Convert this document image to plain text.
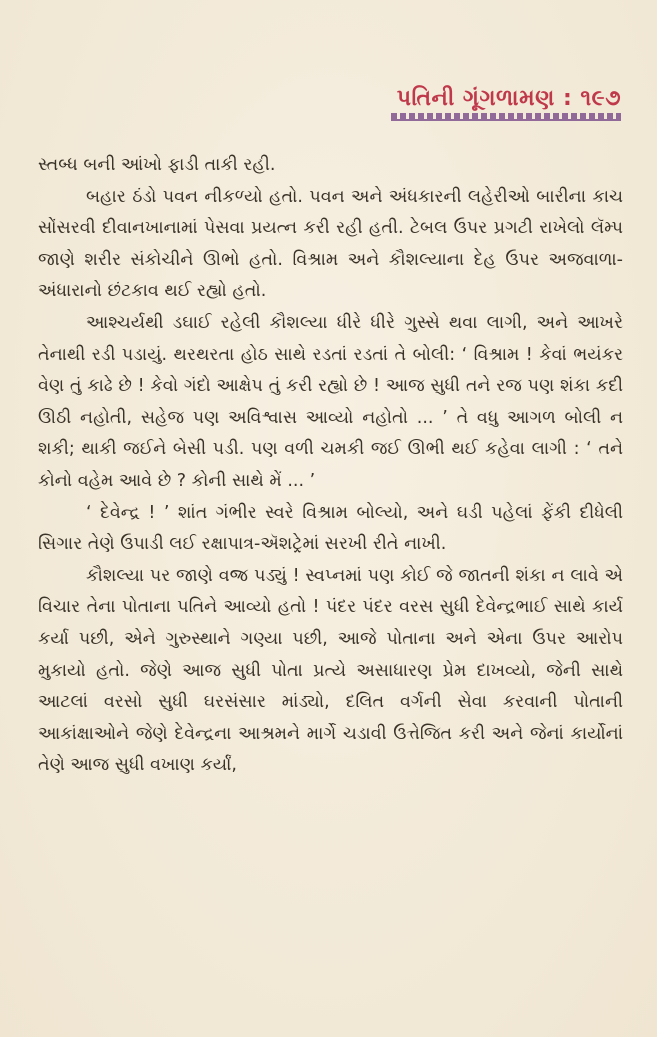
પતિની ગૂંગળામણ : ૧૯૭

સ્તબ્ધ બની આંખો ફાડી તાકી રહી.

બહાર ઠંડો પવન નીકળ્યો હતો. પવન અને અંધકારની લહેરીઓ બારીના કાચ સોંસરવી દીવાનખાનામાં પેસવા પ્રયત્ન કરી રહી હતી. ટેબલ ઉપર પ્રગટી રાખેલો લૅમ્પ જાણે શરીર સંકોચીને ઊભો હતો. વિશ્રામ અને કૌશલ્યાના દેહ ઉપર અજવાળા-અંધારાનો છંટકાવ થઈ રહ્યો હતો.

આશ્ચર્યથી ડઘાઈ રહેલી કૌશલ્યા ધીરે ધીરે ગુસ્સે થવા લાગી, અને આખરે તેનાથી રડી પડાયું. થરથરતા હોઠ સાથે રડતાં રડતાં તે બોલી: ‘ વિશ્રામ ! કેવાં ભયંકર વેણ તું કાઢે છે ! કેવો ગંદો આક્ષેપ તું કરી રહ્યો છે ! આજ સુધી તને રજ પણ શંકા કદી ઊઠી નહોતી, સહેજ પણ અવિશ્વાસ આવ્યો નહોતો ... ’ તે વધુ આગળ બોલી ન શકી; થાકી જઈને બેસી પડી. પણ વળી ચમકી જઈ ઊભી થઈ કહેવા લાગી : ‘ તને કોનો વહેમ આવે છે ? કોની સાથે મેં ... ’

‘ દેવેન્દ્ર ! ’ શાંત ગંભીર સ્વરે વિશ્રામ બોલ્યો, અને ઘડી પહેલાં ફેંકી દીધેલી સિગાર તેણે ઉપાડી લઈ રક્ષાપાત્ર-ઍશટ્રેમાં સરખી રીતે નાખી.

કૌશલ્યા પર જાણે વજ્ર પડ્યું ! સ્વપ્નમાં પણ કોઈ જે જાતની શંકા ન લાવે એ વિચાર તેના પોતાના પતિને આવ્યો હતો ! પંદર પંદર વરસ સુધી દેવેન્દ્રભાઈ સાથે કાર્ય કર્યા પછી, એને ગુરુસ્થાને ગણ્યા પછી, આજે પોતાના અને એના ઉપર આરોપ મુકાયો હતો. જેણે આજ સુધી પોતા પ્રત્યે અસાધારણ પ્રેમ દાખવ્યો, જેની સાથે આટલાં વરસો સુધી ઘરસંસાર માંડ્યો, દલિત વર્ગની સેવા કરવાની પોતાની આકાંક્ષાઓને જેણે દેવેન્દ્રના આશ્રમને માર્ગે ચડાવી ઉત્તેજિત કરી અને જેનાં કાર્યોનાં તેણે આજ સુધી વખાણ કર્યાં,
